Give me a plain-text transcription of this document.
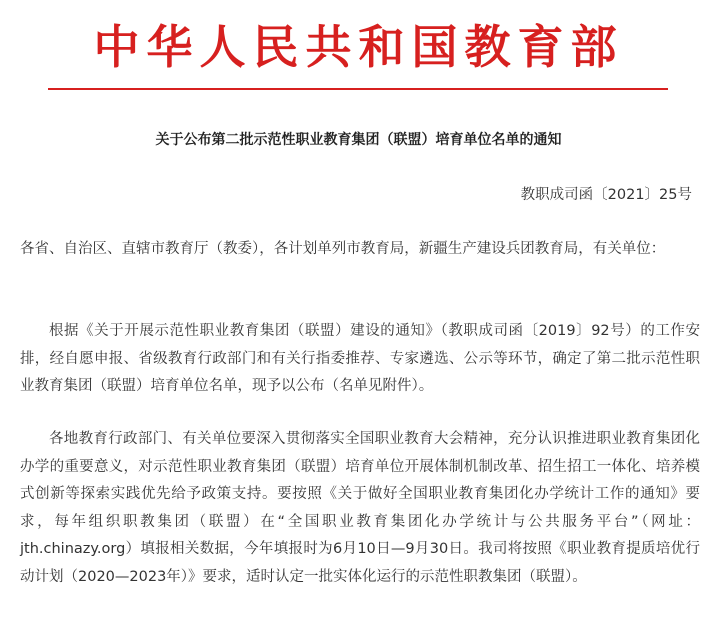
中华人民共和国教育部
关于公布第二批示范性职业教育集团（联盟）培育单位名单的通知
教职成司函〔2021〕25号

各省、自治区、直辖市教育厅（教委），各计划单列市教育局，新疆生产建设兵团教育局，有关单位：

根据《关于开展示范性职业教育集团（联盟）建设的通知》（教职成司函〔2019〕92号）的工作安排，经自愿申报、省级教育行政部门和有关行指委推荐、专家遴选、公示等环节，确定了第二批示范性职业教育集团（联盟）培育单位名单，现予以公布（名单见附件）。

各地教育行政部门、有关单位要深入贯彻落实全国职业教育大会精神，充分认识推进职业教育集团化办学的重要意义，对示范性职业教育集团（联盟）培育单位开展体制机制改革、招生招工一体化、培养模式创新等探索实践优先给予政策支持。要按照《关于做好全国职业教育集团化办学统计工作的通知》要求，每年组织职教集团（联盟）在“全国职业教育集团化办学统计与公共服务平台”（网址：jth.chinazy.org）填报相关数据，今年填报时为6月10日—9月30日。我司将按照《职业教育提质培优行动计划（2020—2023年）》要求，适时认定一批实体化运行的示范性职教集团（联盟）。
